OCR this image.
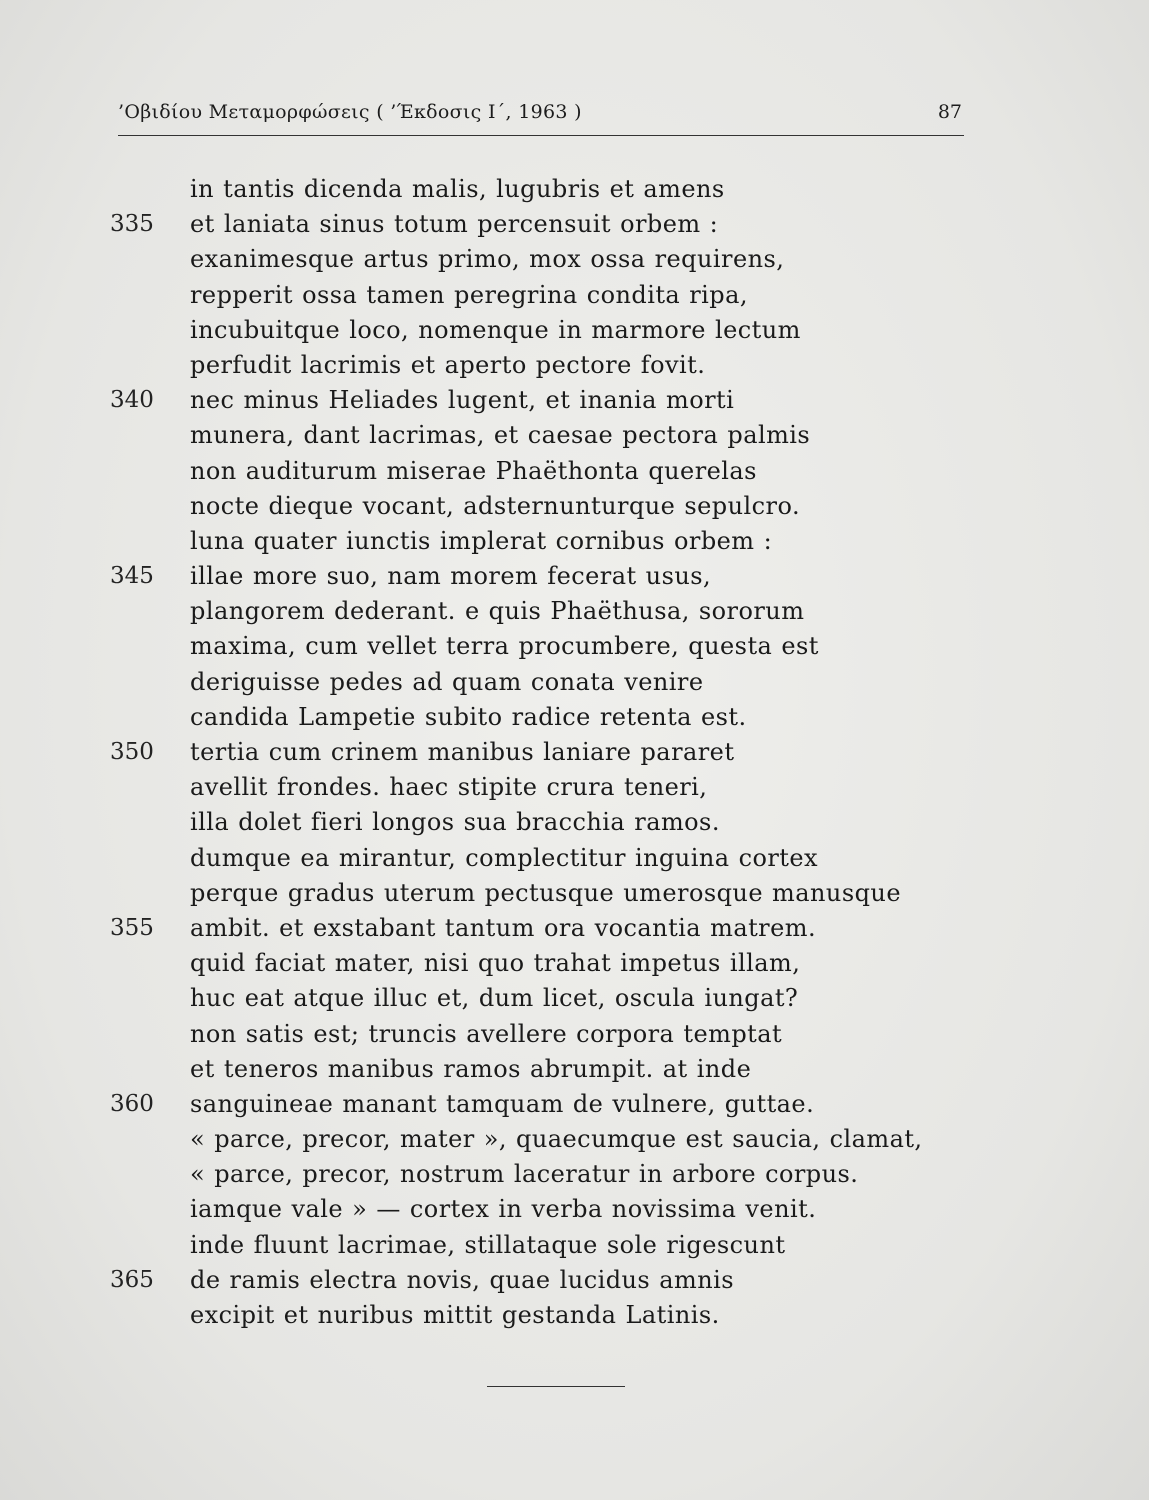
’Οβιδίου Μεταμορφώσεις ( ’Έκδοσις Ι΄, 1963 )	87
in tantis dicenda malis, lugubris et amens
335	et laniata sinus totum percensuit orbem :
exanimesque artus primo, mox ossa requirens,
repperit ossa tamen peregrina condita ripa,
incubuitque loco, nomenque in marmore lectum
perfudit lacrimis et aperto pectore fovit.
340	nec minus Heliades lugent, et inania morti
munera, dant lacrimas, et caesae pectora palmis
non auditurum miserae Phaëthonta querelas
nocte dieque vocant, adsternunturque sepulcro.
luna quater iunctis implerat cornibus orbem :
345	illae more suo, nam morem fecerat usus,
plangorem dederant. e quis Phaëthusa, sororum
maxima, cum vellet terra procumbere, questa est
deriguisse pedes ad quam conata venire
candida Lampetie subito radice retenta est.
350	tertia cum crinem manibus laniare pararet
avellit frondes. haec stipite crura teneri,
illa dolet fieri longos sua bracchia ramos.
dumque ea mirantur, complectitur inguina cortex
perque gradus uterum pectusque umerosque manusque
355	ambit. et exstabant tantum ora vocantia matrem.
quid faciat mater, nisi quo trahat impetus illam,
huc eat atque illuc et, dum licet, oscula iungat?
non satis est; truncis avellere corpora temptat
et teneros manibus ramos abrumpit. at inde
360	sanguineae manant tamquam de vulnere, guttae.
« parce, precor, mater », quaecumque est saucia, clamat,
« parce, precor, nostrum laceratur in arbore corpus.
iamque vale » — cortex in verba novissima venit.
inde fluunt lacrimae, stillataque sole rigescunt
365	de ramis electra novis, quae lucidus amnis
excipit et nuribus mittit gestanda Latinis.
